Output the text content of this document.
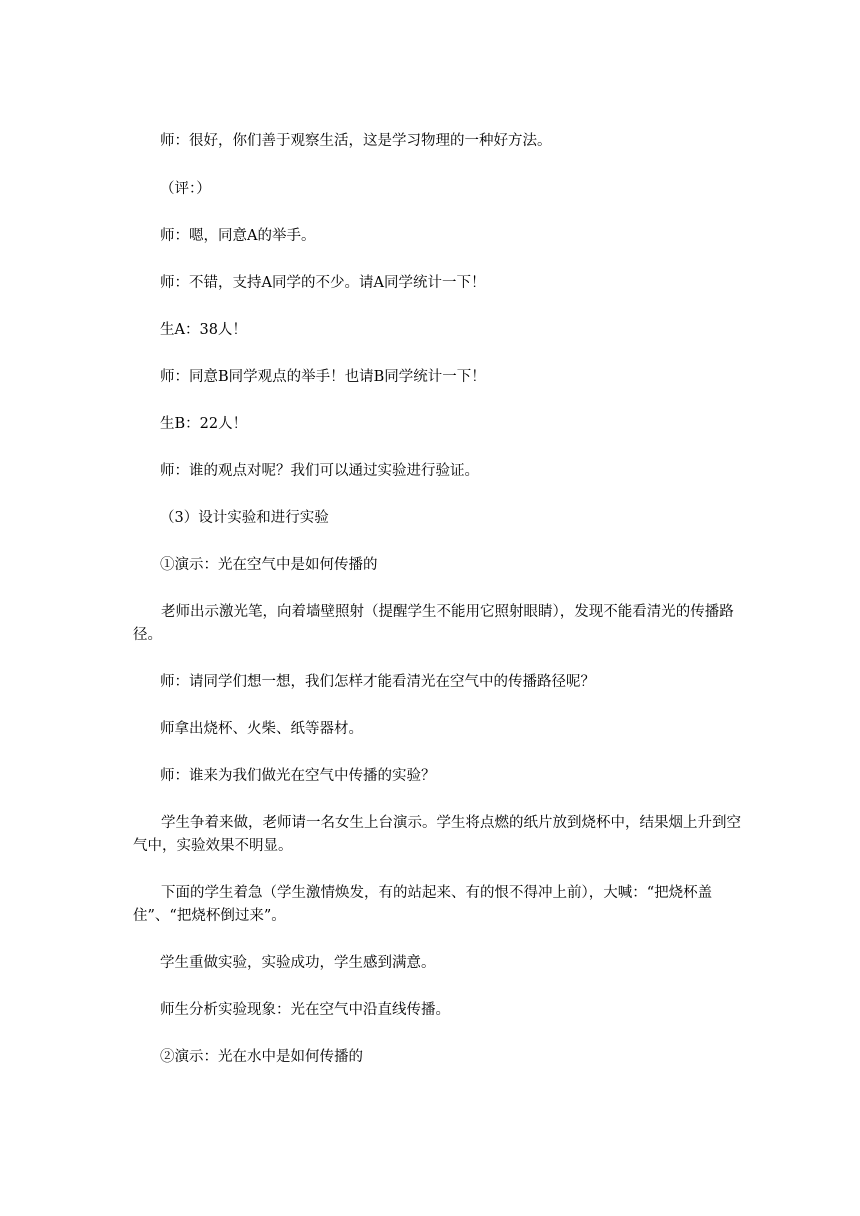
师：很好，你们善于观察生活，这是学习物理的一种好方法。

（评：）

师：嗯，同意A的举手。

师：不错，支持A同学的不少。请A同学统计一下！

生A：38人！

师：同意B同学观点的举手！也请B同学统计一下！

生B：22人！

师：谁的观点对呢？我们可以通过实验进行验证。

（3）设计实验和进行实验

①演示：光在空气中是如何传播的

老师出示激光笔，向着墙壁照射（提醒学生不能用它照射眼睛），发现不能看清光的传播路径。

师：请同学们想一想，我们怎样才能看清光在空气中的传播路径呢？

师拿出烧杯、火柴、纸等器材。

师：谁来为我们做光在空气中传播的实验？

学生争着来做，老师请一名女生上台演示。学生将点燃的纸片放到烧杯中，结果烟上升到空气中，实验效果不明显。

下面的学生着急（学生激情焕发，有的站起来、有的恨不得冲上前），大喊：“把烧杯盖住”、“把烧杯倒过来”。

学生重做实验，实验成功，学生感到满意。

师生分析实验现象：光在空气中沿直线传播。

②演示：光在水中是如何传播的
